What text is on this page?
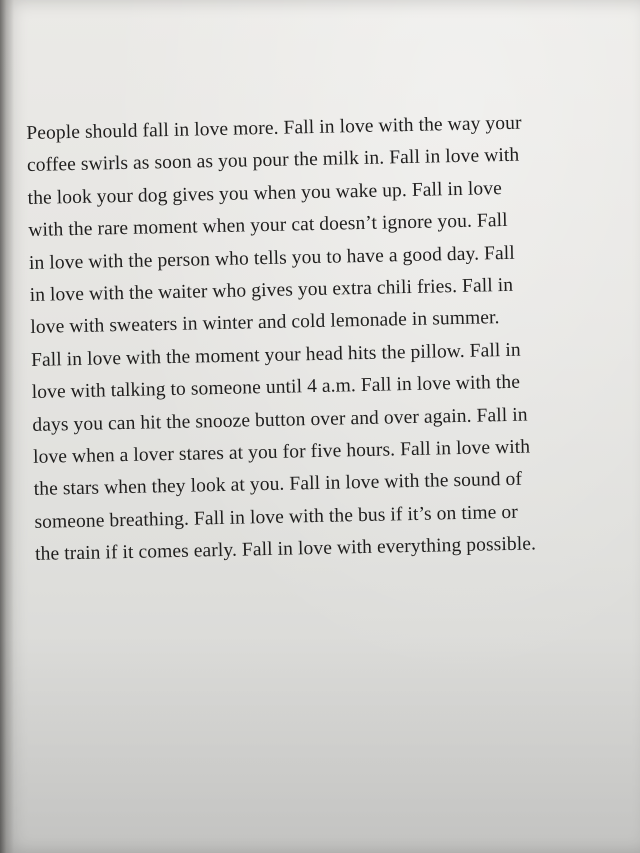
People should fall in love more. Fall in love with the way your
coffee swirls as soon as you pour the milk in. Fall in love with
the look your dog gives you when you wake up. Fall in love
with the rare moment when your cat doesn’t ignore you. Fall
in love with the person who tells you to have a good day. Fall
in love with the waiter who gives you extra chili fries. Fall in
love with sweaters in winter and cold lemonade in summer.
Fall in love with the moment your head hits the pillow. Fall in
love with talking to someone until 4 a.m. Fall in love with the
days you can hit the snooze button over and over again. Fall in
love when a lover stares at you for five hours. Fall in love with
the stars when they look at you. Fall in love with the sound of
someone breathing. Fall in love with the bus if it’s on time or
the train if it comes early. Fall in love with everything possible.
